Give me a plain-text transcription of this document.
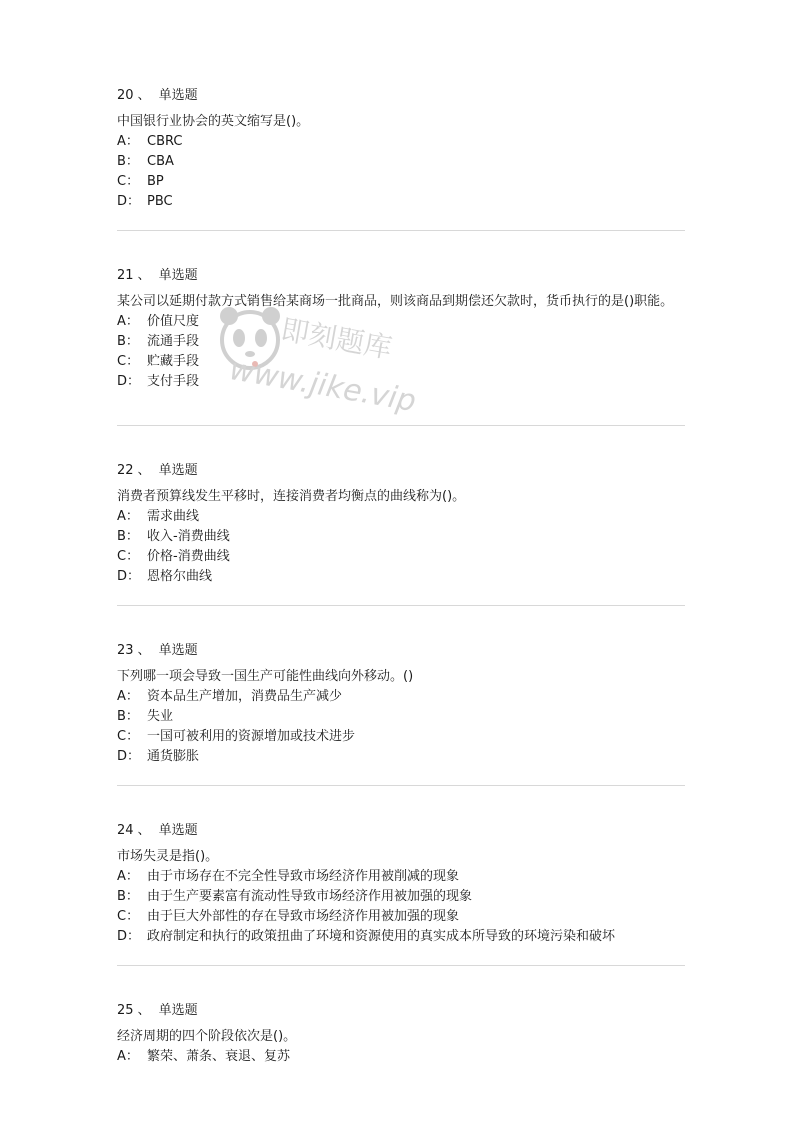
20 、 单选题
中国银行业协会的英文缩写是()。
A： CBRC
B： CBA
C： BP
D： PBC
21 、 单选题
某公司以延期付款方式销售给某商场一批商品，则该商品到期偿还欠款时，货币执行的是()职能。
A： 价值尺度
B： 流通手段
C： 贮藏手段
D： 支付手段
22 、 单选题
消费者预算线发生平移时，连接消费者均衡点的曲线称为()。
A： 需求曲线
B： 收入-消费曲线
C： 价格-消费曲线
D： 恩格尔曲线
23 、 单选题
下列哪一项会导致一国生产可能性曲线向外移动。()
A： 资本品生产增加，消费品生产减少
B： 失业
C： 一国可被利用的资源增加或技术进步
D： 通货膨胀
24 、 单选题
市场失灵是指()。
A： 由于市场存在不完全性导致市场经济作用被削减的现象
B： 由于生产要素富有流动性导致市场经济作用被加强的现象
C： 由于巨大外部性的存在导致市场经济作用被加强的现象
D： 政府制定和执行的政策扭曲了环境和资源使用的真实成本所导致的环境污染和破坏
25 、 单选题
经济周期的四个阶段依次是()。
A： 繁荣、萧条、衰退、复苏
即刻题库
www.jike.vip
